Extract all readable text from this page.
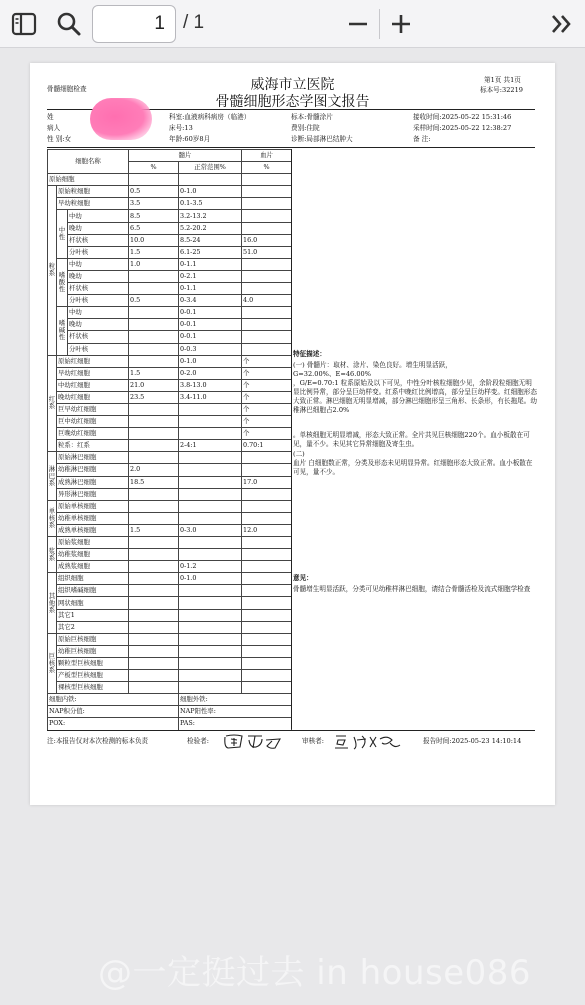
1 / 1
骨髓细胞检查	威海市立医院
骨髓细胞形态学图文报告
第1页 共1页
标本号:32219
姓
病人
性 别:女
科室:血液病科病房（临港）
床号:13
年龄:60岁8月
标本:骨髓涂片
费别:住院
诊断:局部淋巴结肿大
接收时间:2025-05-22 15:31:46
采样时间:2025-05-22 12:38:27
备 注:
细胞名称			髓片		血片
			%	正常范围%	%
原始细胞					
粒系	原始粒细胞		0.5	0-1.0	
	早幼粒细胞		3.5	0.1-3.5	
	中性	中幼	8.5	3.2-13.2	
		晚幼	6.5	5.2-20.2	
		杆状核	10.0	8.5-24	16.0
		分叶核	1.5	6.1-25	51.0
	嗜酸性	中幼	1.0	0-1.1	
		晚幼		0-2.1	
		杆状核		0-1.1	
		分叶核	0.5	0-3.4	4.0
	嗜碱性	中幼		0-0.1	
		晚幼		0-0.1	
		杆状核		0-0.1	
		分叶核		0-0.3	
红系	原始红细胞			0-1.0	个
	早幼红细胞		1.5	0-2.0	个
	中幼红细胞		21.0	3.8-13.0	个
	晚幼红细胞		23.5	3.4-11.0	个
	巨早幼红细胞				个
	巨中幼红细胞				个
	巨晚幼红细胞				个
	粒系：红系			2-4:1	0.70:1
淋巴系	原始淋巴细胞				
	幼稚淋巴细胞		2.0		
	成熟淋巴细胞		18.5		17.0
	异形淋巴细胞				
单核系	原始单核细胞				
	幼稚单核细胞				
	成熟单核细胞		1.5	0-3.0	12.0
浆系	原始浆细胞				
	幼稚浆细胞				
	成熟浆细胞			0-1.2	
其他系	组织细胞			0-1.0	
	组织嗜碱细胞				
	网状细胞				
	其它1				
	其它2				
巨核系	原始巨核细胞				
	幼稚巨核细胞				
	颗粒型巨核细胞				
	产板型巨核细胞				
	裸核型巨核细胞				
细胞内铁:				细胞外铁:	
NAP积分值:				NAP阳性率:	
POX:				PAS:	
特征描述：
(一) 骨髓片：取材、涂片、染色良好。增生明显活跃，
G=32.00%、E=46.00%
，G/E=0.70:1 粒系原始及以下可见，中性分叶核粒细胞少见，余阶段粒细胞无明显比例异常，部分呈巨幼样变。红系中晚红比例增高，部分呈巨幼样变。红细胞形态大致正常。淋巴细胞无明显增减，部分淋巴细胞形呈三角形、长条形，有长拖尾。幼稚淋巴细胞占2.0%
。单核细胞无明显增减，形态大致正常。全片共见巨核细胞220个。血小板散在可见，量不少。未见其它异常细胞及寄生虫。
(二)
血片 白细胞数正常，分类及形态未见明显异常。红细胞形态大致正常。血小板散在可见，量不少。
意见：
骨髓增生明显活跃，分类可见幼稚样淋巴细胞，请结合骨髓活检及流式细胞学检查
注:本报告仅对本次检测的标本负责	检验者:	审核者:	报告时间:2025-05-23 14:10:14
@一定挺过去 in house086
